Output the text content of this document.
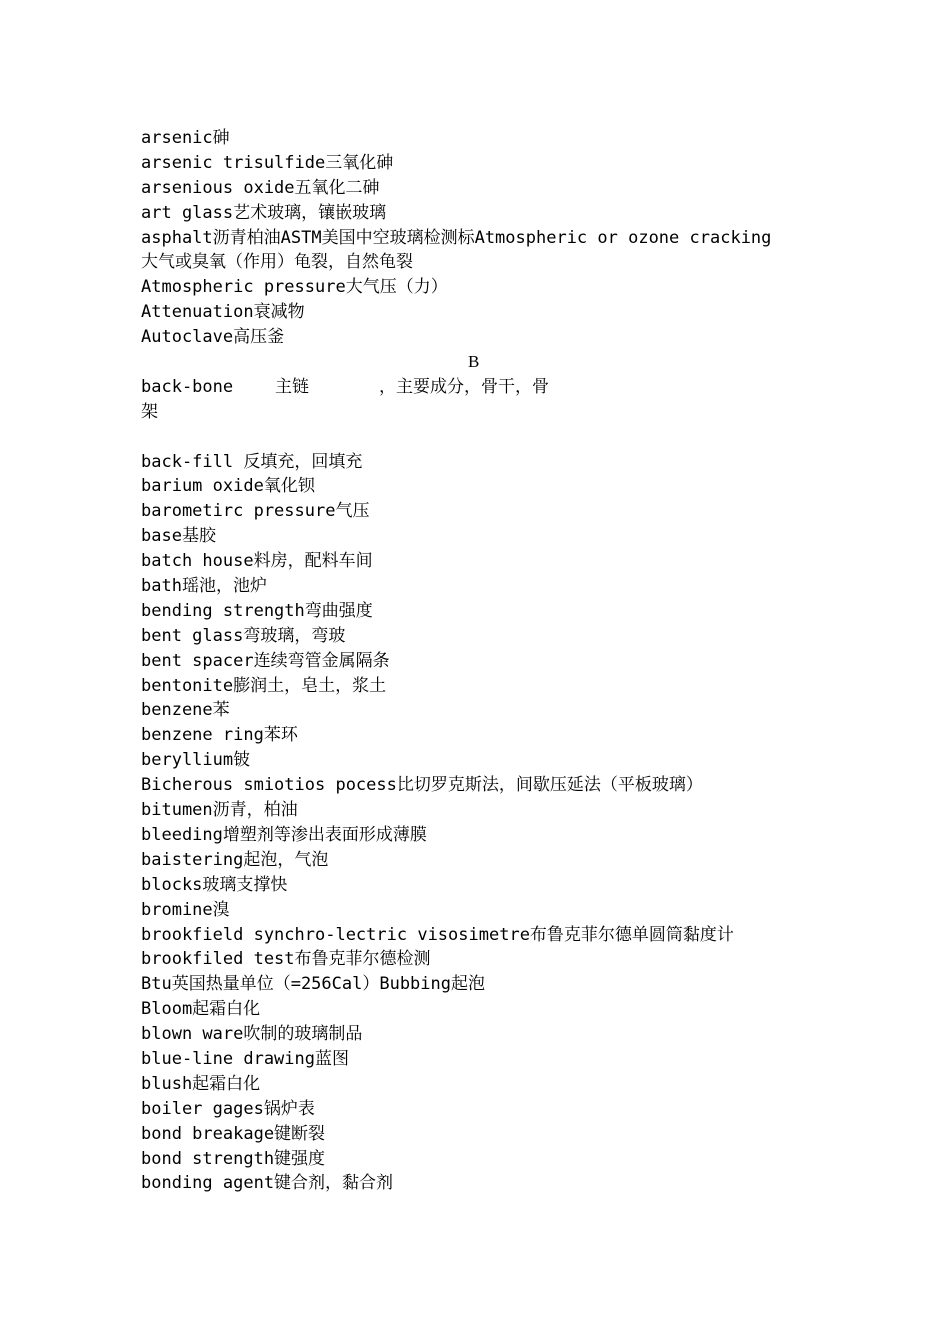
arsenic砷
arsenic trisulfide三氧化砷
arsenious oxide五氧化二砷
art glass艺术玻璃，镶嵌玻璃
asphalt沥青柏油ASTM美国中空玻璃检测标Atmospheric or ozone cracking
大气或臭氧（作用）龟裂，自然龟裂
Atmospheric pressure大气压（力）
Attenuation衰减物
Autoclave高压釜
B
back-bone 主链	，主要成分，骨干，骨
架
back-fill 反填充，回填充
barium oxide氧化钡
barometirc pressure气压
base基胶
batch house料房，配料车间
bath瑶池，池炉
bending strength弯曲强度
bent glass弯玻璃，弯玻
bent spacer连续弯管金属隔条
bentonite膨润土，皂土，浆土
benzene苯
benzene ring苯环
beryllium铍
Bicherous smiotios pocess比切罗克斯法，间歇压延法（平板玻璃）
bitumen沥青，柏油
bleeding增塑剂等渗出表面形成薄膜
baistering起泡，气泡
blocks玻璃支撑快
bromine溴
brookfield synchro-lectric visosimetre布鲁克菲尔德单圆筒黏度计
brookfiled test布鲁克菲尔德检测
Btu英国热量单位（=256Cal）Bubbing起泡
Bloom起霜白化
blown ware吹制的玻璃制品
blue-line drawing蓝图
blush起霜白化
boiler gages锅炉表
bond breakage键断裂
bond strength键强度
bonding agent键合剂，黏合剂
